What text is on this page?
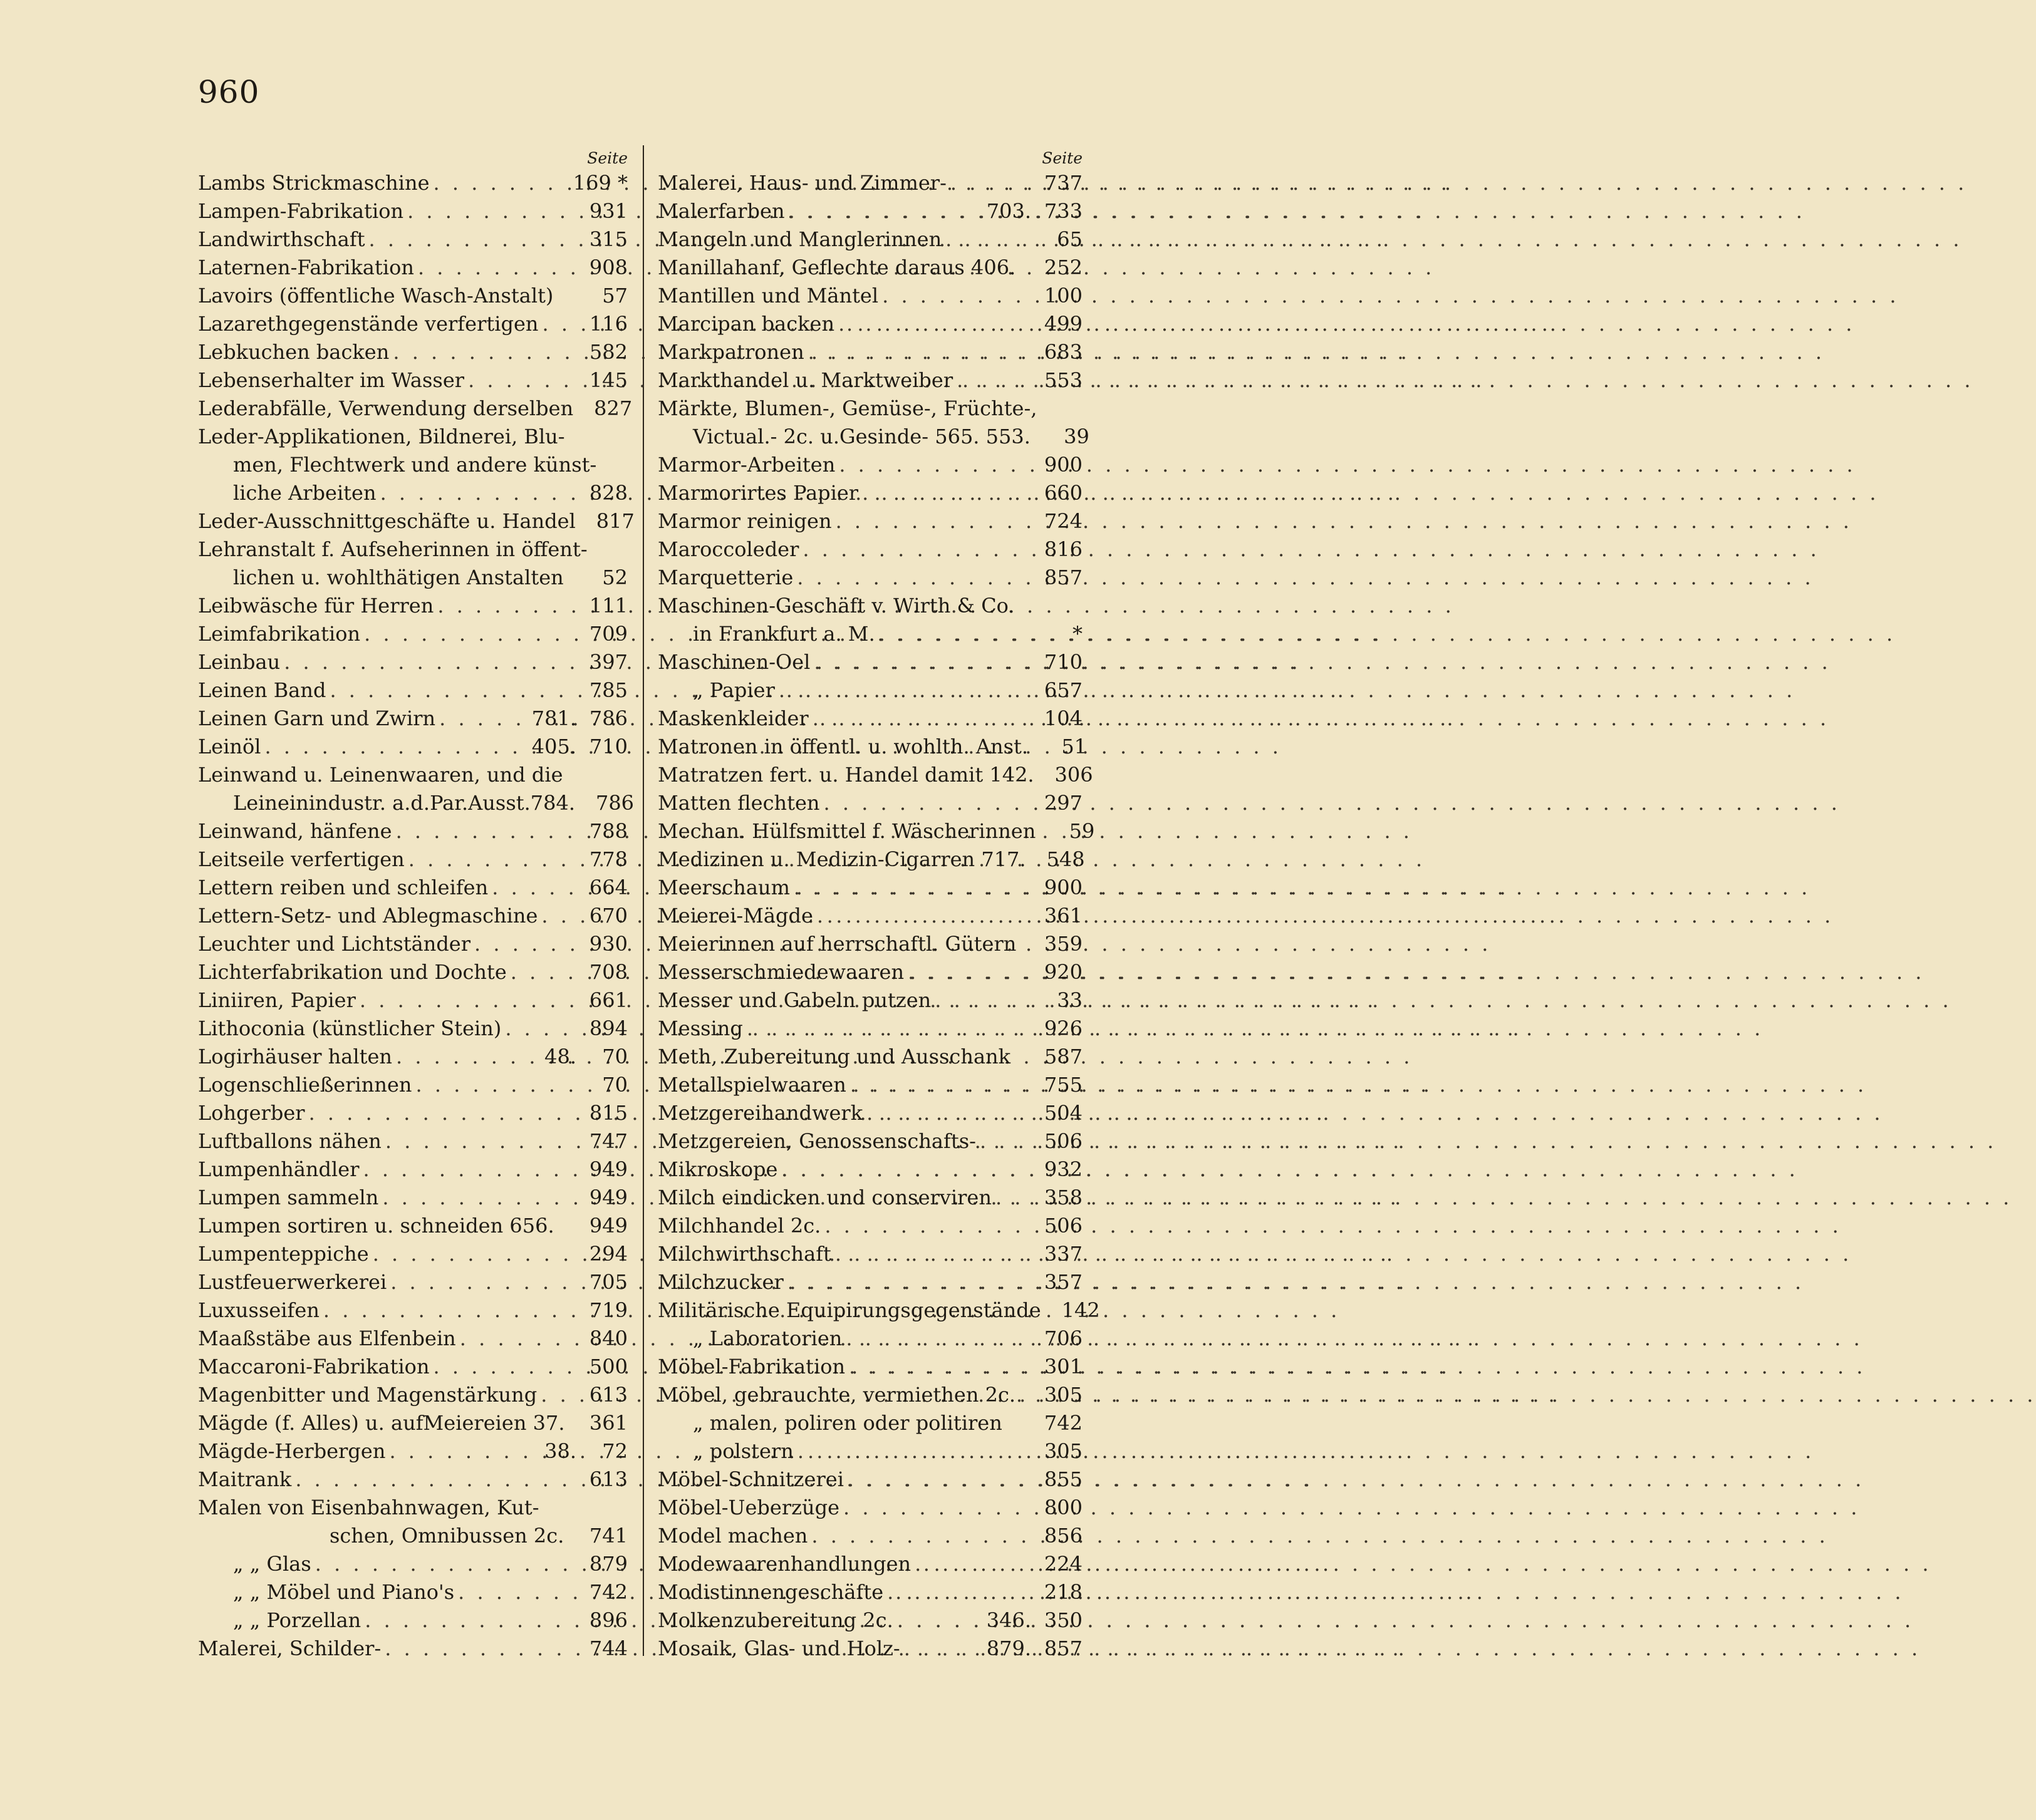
960
Seite
Lambs Strickmaschine . . .	169 *
Lampen-Fabrikation . . .	931
Landwirthschaft . . .	315
Laternen-Fabrikation . . .	908
Lavoirs (öffentliche Wasch-Anstalt)	57
Lazarethgegenstände verfertigen . . .	116
Lebkuchen backen . . .	582
Lebenserhalter im Wasser . . .	145
Lederabfälle, Verwendung derselben 827
Leder-Applikationen, Bildnerei, Blu-
men, Flechtwerk und andere künst-
liche Arbeiten . . .	828
Leder-Ausschnittgeschäfte u. Handel 817
Lehranstalt f. Aufseherinnen in öffent-
lichen u. wohlthätigen Anstalten	52
Leibwäsche für Herren . . .	111
Leimfabrikation . . .	709
Leinbau . . .	397
Leinen Band . . .	785
Leinen Garn und Zwirn . . .	781. 786
Leinöl . . .	405. 710
Leinwand u. Leinenwaaren, und die
Leineinindustr. a.d.Par.Ausst.784. 786
Leinwand, hänfene . . .	788
Leitseile verfertigen . . .	778
Lettern reiben und schleifen . . .	664
Lettern-Setz- und Ablegmaschine . . .	670
Leuchter und Lichtständer . . .	930
Lichterfabrikation und Dochte . . .	708
Liniiren, Papier . . .	661
Lithoconia (künstlicher Stein) . . .	894
Logirhäuser halten . . .	48.	70
Logenschließerinnen . . .	70
Lohgerber . . .	815
Luftballons nähen . . .	747
Lumpenhändler . . .	949
Lumpen sammeln . . .	949
Lumpen sortiren u. schneiden 656. 949
Lumpenteppiche . . .	294
Lustfeuerwerkerei . . .	705
Luxusseifen . . .	719
Maaßstäbe aus Elfenbein . . .	840
Maccaroni-Fabrikation . . .	500
Magenbitter und Magenstärkung . . .	613
Mägde (f. Alles) u. aufMeiereien 37. 361
Mägde-Herbergen . . .	38.	72
Maitrank . . .	613
Malen von Eisenbahnwagen, Kut-
schen, Omnibussen 2c. 741
„ „ Glas . . .	879
„ „ Möbel und Piano's . . .	742
„ „ Porzellan . . .	896
Malerei, Schilder- . . .	744
Seite
Malerei, Haus- und Zimmer- . . .	737
Malerfarben . . .	703. 733
Mangeln und Manglerinnen . . .	65
Manillahanf, Geflechte daraus 406. 252
Mantillen und Mäntel . . .	100
Marcipan backen . . .	499
Markpatronen . . .	683
Markthandel u. Marktweiber . . .	553
Märkte, Blumen-, Gemüse-, Früchte-,
Victual.- 2c. u.Gesinde- 565. 553.	39
Marmor-Arbeiten . . .	900
Marmorirtes Papier . . .	660
Marmor reinigen . . .	724
Maroccoleder . . .	816
Marquetterie . . .	857
Maschinen-Geschäft v. Wirth & Co.
in Frankfurt a. M. . . .	*
Maschinen-Oel . . .	710
„ Papier . . .	657
Maskenkleider . . .	104
Matronen in öffentl. u. wohlth. Anst.	51
Matratzen fert. u. Handel damit 142. 306
Matten flechten . . .	297
Mechan. Hülfsmittel f. Wäscherinnen	59
Medizinen u. Medizin-Cigarren 717. 548
Meerschaum . . .	900
Meierei-Mägde . . .	361
Meierinnen auf herrschaftl. Gütern 359
Messerschmiedewaaren . . .	920
Messer und Gabeln putzen . . .	33
Messing . . .	926
Meth, Zubereitung und Ausschank 587
Metallspielwaaren . . .	755
Metzgereihandwerk . . .	504
Metzgereien, Genossenschafts- . . .	506
Mikroskope . . .	932
Milch eindicken und conserviren . . .	358
Milchhandel 2c. . . .	506
Milchwirthschaft . . .	337
Milchzucker . . .	357
Militärische Equipirungsgegenstände 142
„ Laboratorien . . .	706
Möbel-Fabrikation . . .	301
Möbel, gebrauchte, vermiethen 2c. . . . 305
„ malen, poliren oder politiren 742
„ polstern . . .	305
Möbel-Schnitzerei . . .	855
Möbel-Ueberzüge . . .	800
Model machen . . .	856
Modewaarenhandlungen . . .	224
Modistinnengeschäfte . . .	218
Molkenzubereitung 2c. . . .	346. 350
Mosaik, Glas- und Holz- . . .	879. 857
